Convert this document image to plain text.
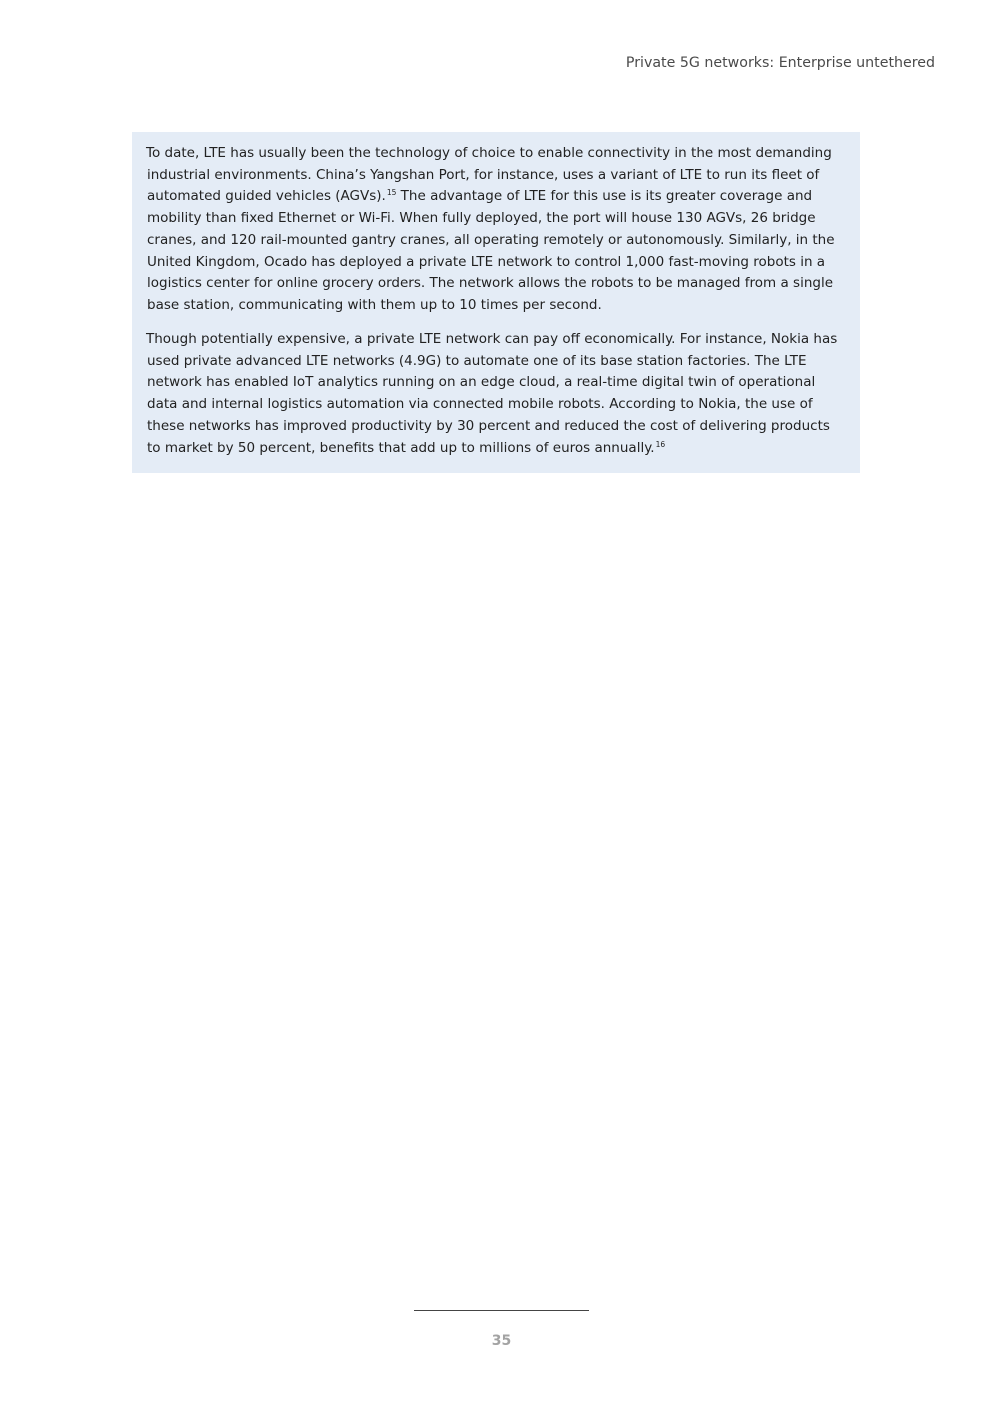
Private 5G networks: Enterprise untethered

To date, LTE has usually been the technology of choice to enable connectivity in the most demanding industrial environments. China’s Yangshan Port, for instance, uses a variant of LTE to run its fleet of automated guided vehicles (AGVs).$^{15}$ The advantage of LTE for this use is its greater coverage and mobility than fixed Ethernet or Wi-Fi. When fully deployed, the port will house 130 AGVs, 26 bridge cranes, and 120 rail-mounted gantry cranes, all operating remotely or autonomously. Similarly, in the United Kingdom, Ocado has deployed a private LTE network to control 1,000 fast-moving robots in a logistics center for online grocery orders. The network allows the robots to be managed from a single base station, communicating with them up to 10 times per second.

Though potentially expensive, a private LTE network can pay off economically. For instance, Nokia has used private advanced LTE networks (4.9G) to automate one of its base station factories. The LTE network has enabled IoT analytics running on an edge cloud, a real-time digital twin of operational data and internal logistics automation via connected mobile robots. According to Nokia, the use of these networks has improved productivity by 30 percent and reduced the cost of delivering products to market by 50 percent, benefits that add up to millions of euros annually.$^{16}$

35
